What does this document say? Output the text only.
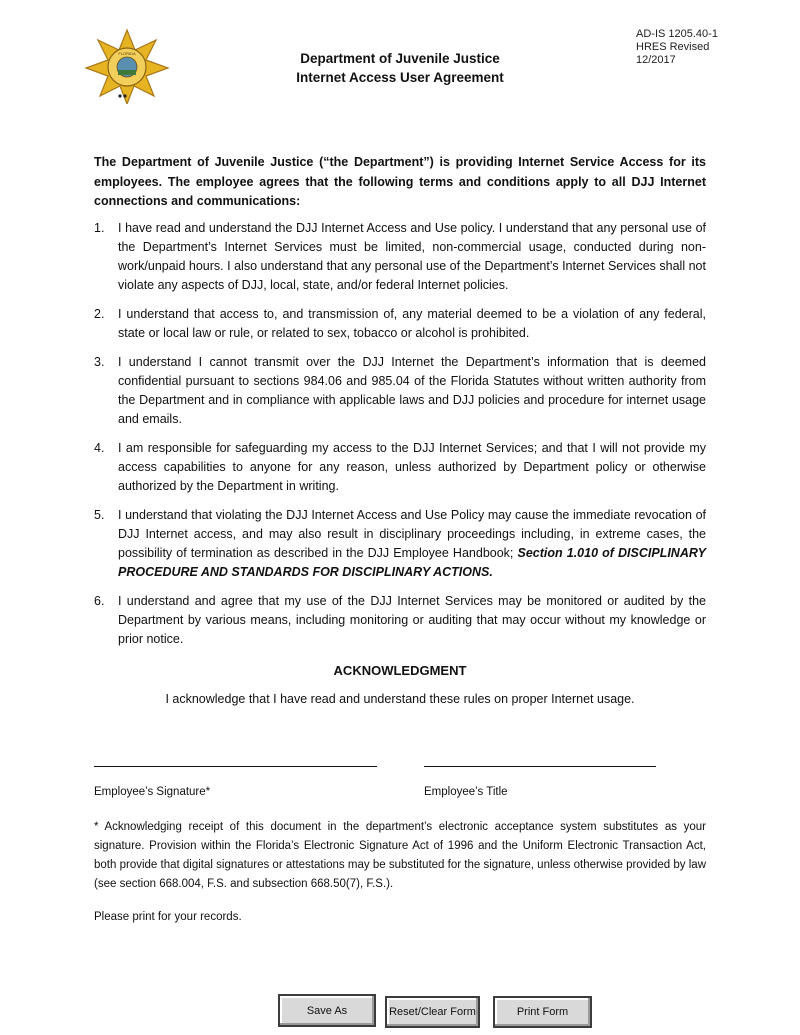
FLORIDA
AD-IS 1205.40-1
HRES Revised
12/2017
Department of Juvenile Justice
Internet Access User Agreement
The Department of Juvenile Justice (“the Department”) is providing Internet Service Access for its employees. The employee agrees that the following terms and conditions apply to all DJJ Internet connections and communications:
1. I have read and understand the DJJ Internet Access and Use policy. I understand that any personal use of the Department’s Internet Services must be limited, non-commercial usage, conducted during non-work/unpaid hours. I also understand that any personal use of the Department’s Internet Services shall not violate any aspects of DJJ, local, state, and/or federal Internet policies.
2. I understand that access to, and transmission of, any material deemed to be a violation of any federal, state or local law or rule, or related to sex, tobacco or alcohol is prohibited.
3. I understand I cannot transmit over the DJJ Internet the Department’s information that is deemed confidential pursuant to sections 984.06 and 985.04 of the Florida Statutes without written authority from the Department and in compliance with applicable laws and DJJ policies and procedure for internet usage and emails.
4. I am responsible for safeguarding my access to the DJJ Internet Services; and that I will not provide my access capabilities to anyone for any reason, unless authorized by Department policy or otherwise authorized by the Department in writing.
5. I understand that violating the DJJ Internet Access and Use Policy may cause the immediate revocation of DJJ Internet access, and may also result in disciplinary proceedings including, in extreme cases, the possibility of termination as described in the DJJ Employee Handbook; Section 1.010 of DISCIPLINARY PROCEDURE AND STANDARDS FOR DISCIPLINARY ACTIONS.
6. I understand and agree that my use of the DJJ Internet Services may be monitored or audited by the Department by various means, including monitoring or auditing that may occur without my knowledge or prior notice.
ACKNOWLEDGMENT
I acknowledge that I have read and understand these rules on proper Internet usage.
Employee’s Signature*	Employee’s Title
* Acknowledging receipt of this document in the department’s electronic acceptance system substitutes as your signature. Provision within the Florida’s Electronic Signature Act of 1996 and the Uniform Electronic Transaction Act, both provide that digital signatures or attestations may be substituted for the signature, unless otherwise provided by law (see section 668.004, F.S. and subsection 668.50(7), F.S.).
Please print for your records.
Save As	Reset/Clear Form	Print Form
